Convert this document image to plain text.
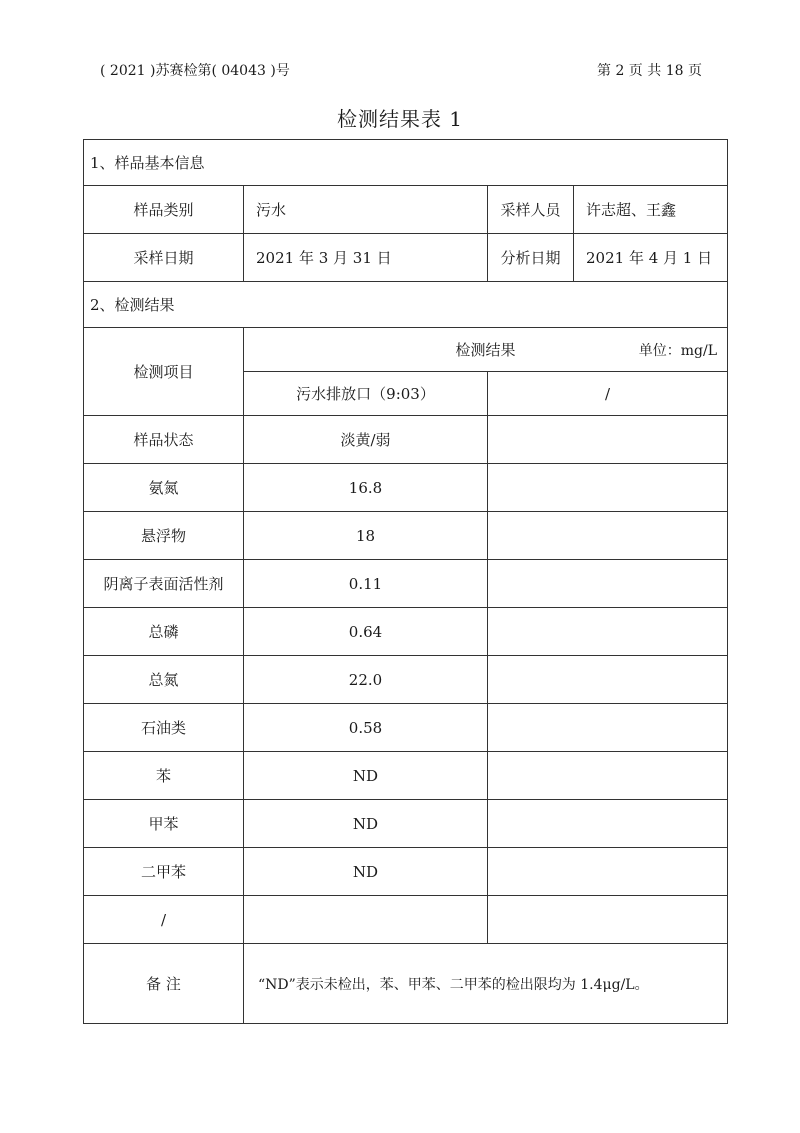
( 2021 )苏赛检第( 04043 )号	第 2 页 共 18 页
检测结果表 1
1、样品基本信息			
样品类别	污水	采样人员	许志超、王鑫
采样日期	2021 年 3 月 31 日	分析日期	2021 年 4 月 1 日
2、检测结果			
检测项目	检测结果 单位：mg/L		

	污水排放口（9:03）	/	
样品状态	淡黄/弱		
氨氮	16.8		
悬浮物	18		
阴离子表面活性剂	0.11		
总磷	0.64		
总氮	22.0		
石油类	0.58		
苯	ND		
甲苯	ND		
二甲苯	ND		
/			
备 注	“ND”表示未检出，苯、甲苯、二甲苯的检出限均为 1.4μg/L。		
